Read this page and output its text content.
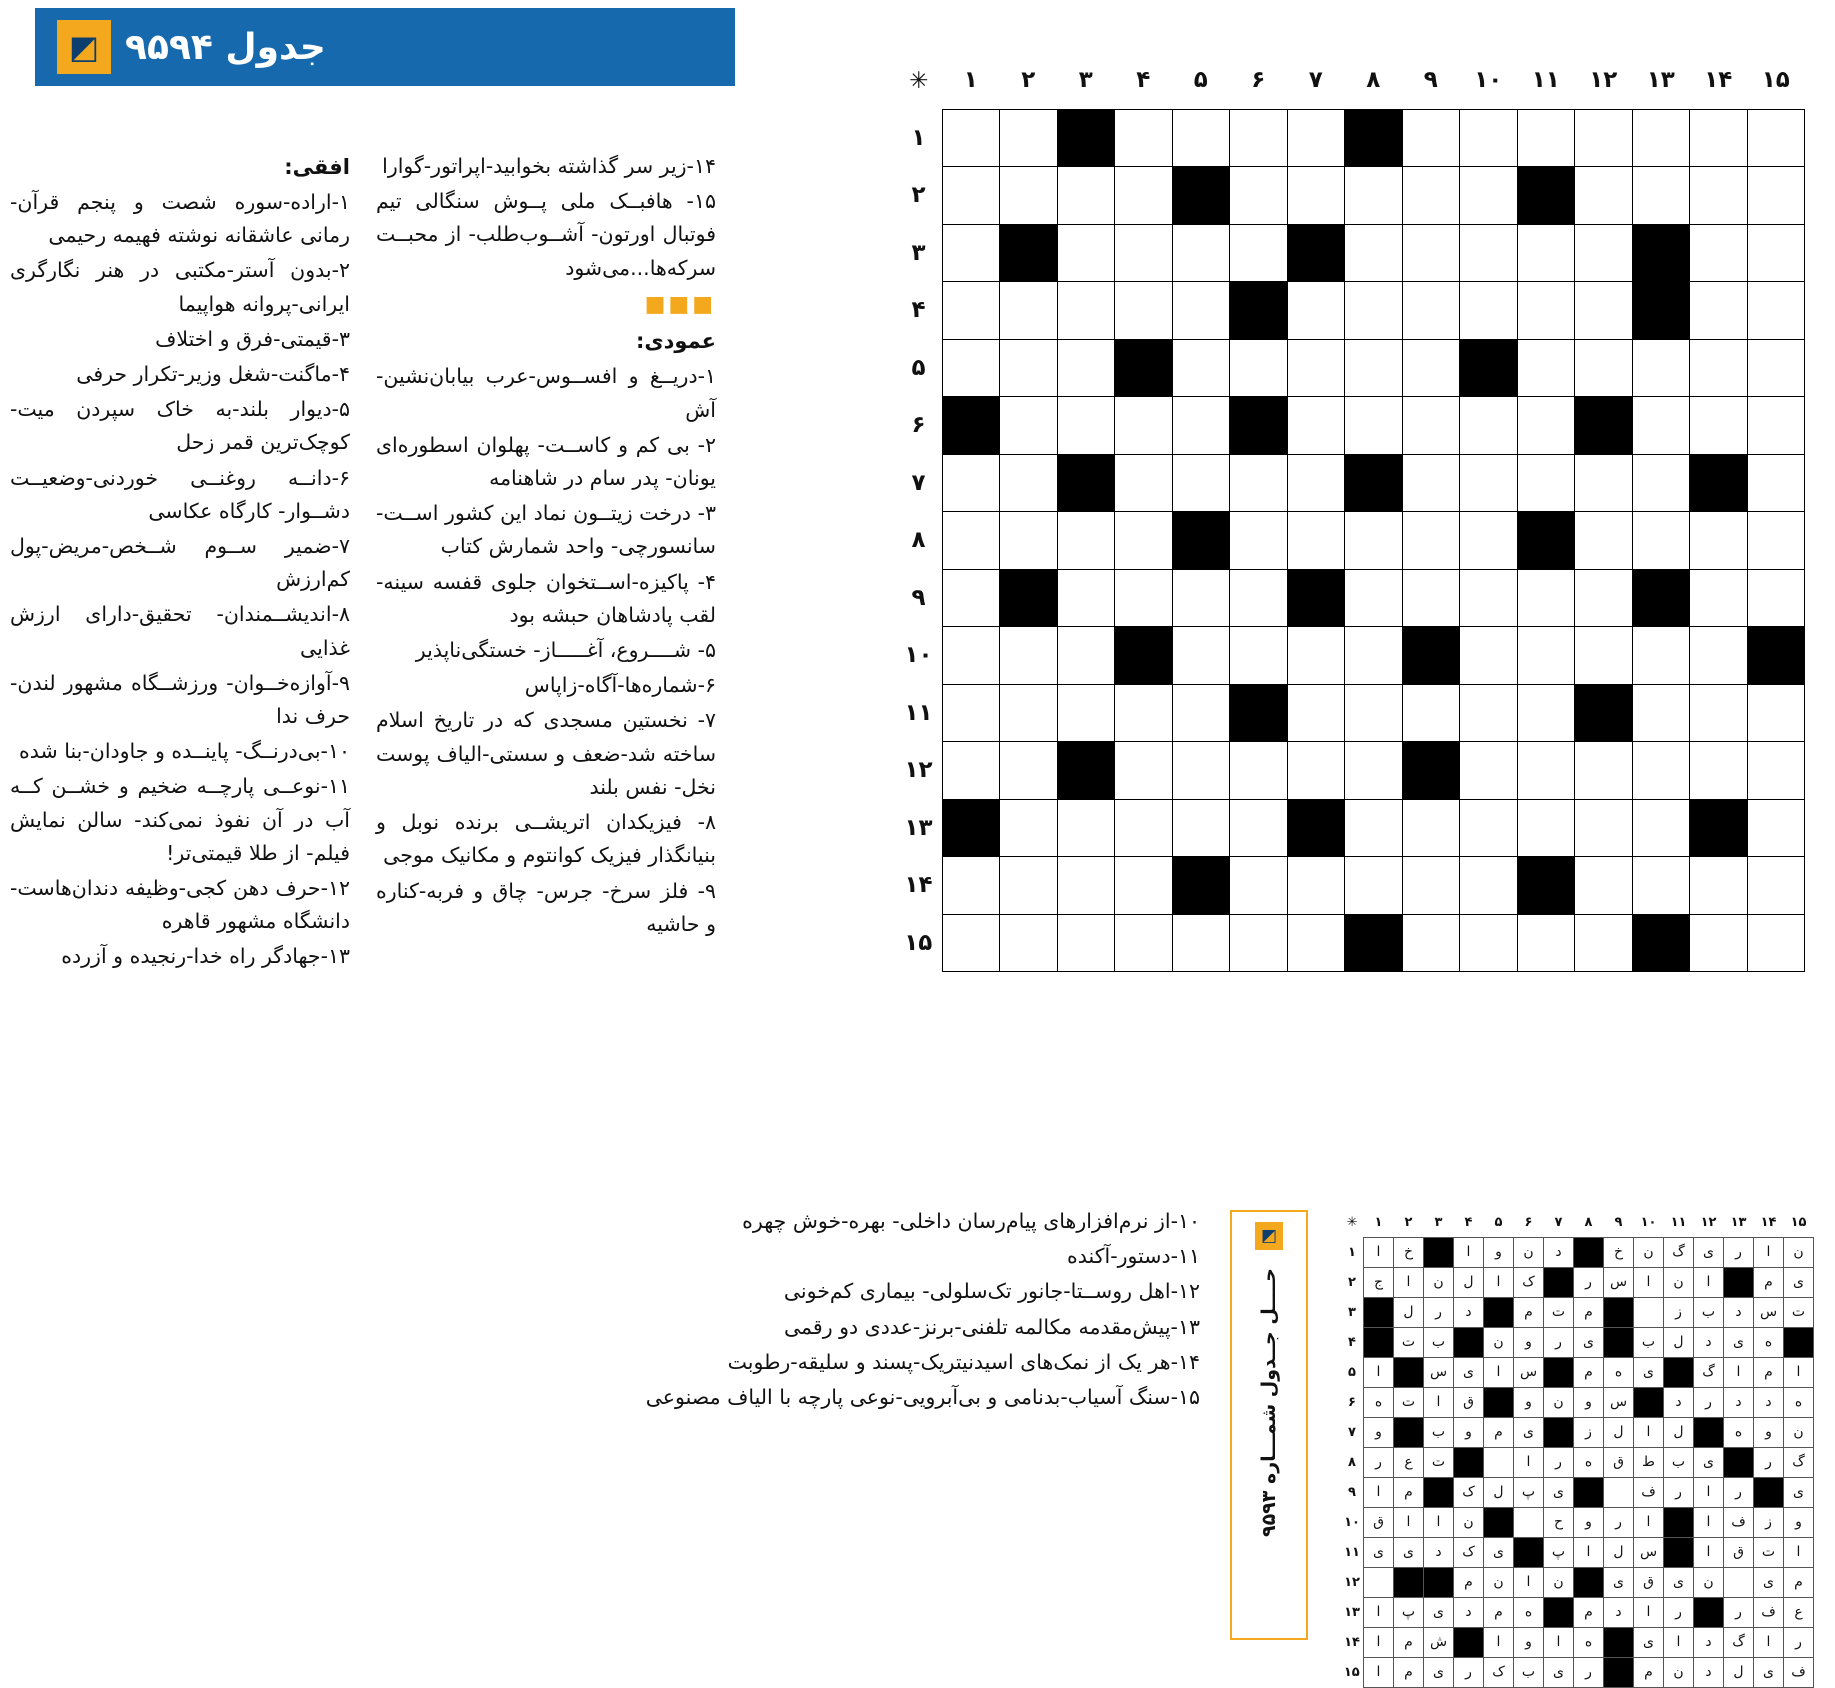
جدول ۹۵۹۴
◩

افقی:

۱-اراده-سوره شصت و پنجم قرآن- رمانی عاشقانه نوشته فهیمه رحیمی

۲-بدون آستر-مکتبی در هنر نگارگری ایرانی-پروانه هواپیما

۳-قیمتی-فرق و اختلاف

۴-ماگنت-شغل وزیر-تکرار حرفی

۵-دیوار بلند-به خاک سپردن میت-کوچک‌ترین قمر زحل

۶-دانــه روغنــی خوردنی-وضعیــت دشــوار- کارگاه عکاسی

۷-ضمیر ســوم شــخص-مریض-پول کم‌ارزش

۸-اندیشــمندان- تحقیق-دارای ارزش غذایی

۹-آوازه‌خــوان- ورزشــگاه مشهور لندن-حرف ندا

۱۰-بی‌درنــگ- پاینــده و جاودان-بنا شده

۱۱-نوعــی پارچــه ضخیم و خشــن کــه آب در آن نفوذ نمی‌کند- سالن نمایش فیلم- از طلا قیمتی‌تر!

۱۲-حرف دهن کجی-وظیفه دندان‌هاست-دانشگاه مشهور قاهره

۱۳-جهادگر راه خدا-رنجیده و آزرده

۱۴-زیر سر گذاشته بخوابید-اپراتور-گوارا

۱۵- هافبــک ملی پــوش سنگالی تیم فوتبال اورتون- آشــوب‌طلب- از محبــت سرکه‌ها...می‌شود

■■■

عمودی:

۱-دریــغ و افســوس-عرب بیابان‌نشین-آش

۲- بی کم و کاســت- پهلوان اسطوره‌ای یونان- پدر سام در شاهنامه

۳- درخت زیتــون نماد این کشور اســت- سانسورچی- واحد شمارش کتاب

۴- پاکیزه-اســتخوان جلوی قفسه سینه- لقب پادشاهان حبشه بود

۵- شــــروع، آغـــــاز- خستگی‌ناپذیر

۶-شماره‌ها-آگاه-زاپاس

۷- نخستین مسجدی که در تاریخ اسلام ساخته شد-ضعف و سستی-الیاف پوست نخل- نفس بلند

۸- فیزیکدان اتریشــی برنده نوبل و بنیانگذار فیزیک کوانتوم و مکانیک موجی

۹- فلز سرخ- جرس- چاق و فربه-کناره و حاشیه

۱۰-از نرم‌افزارهای پیام‌رسان داخلی- بهره-خوش چهره

۱۱-دستور-آکنده

۱۲-اهل روســتا-جانور تک‌سلولی- بیماری کم‌خونی

۱۳-پیش‌مقدمه مکالمه تلفنی-برنز-عددی دو رقمی

۱۴-هر یک از نمک‌های اسیدنیتریک-پسند و سلیقه-رطوبت

۱۵-سنگ آسیاب-بدنامی و بی‌آبرویی-نوعی پارچه با الیاف مصنوعی

۱۵	۱۴	۱۳	۱۲	۱۱	۱۰	۹	۸	۷	۶	۵	۴	۳	۲	۱	✳
															۱
															۲
															۳
															۴
															۵
															۶
															۷
															۸
															۹
															۱۰
															۱۱
															۱۲
															۱۳
															۱۴
															۱۵
◩
حــــل جــدول شمـــاره ۹۵۹۳
۱۵	۱۴	۱۳	۱۲	۱۱	۱۰	۹	۸	۷	۶	۵	۴	۳	۲	۱	✳
ن	ا	ر	ی	گ	ن	خ		د	ن	و	ا		خ	ا	۱
ی	م		ا	ن	ا	س	ر		ک	ا	ل	ن	ا	ج	۲
ت	س	د	ب	ز			م	ت	م		د	ر	ل		۳
	ه	ی	د	ل	ب		ی	ر	و	ن		ب	ت		۴
ا	م	ا	گ		ی	ه	م		س	ا	ی	س		ا	۵
ه	د	د	ر	د		س	و	ن	و		ق	ا	ت	ه	۶
ن	و	ه		ل	ا	ل	ز		ی	م	و	ب		و	۷
گ	ر		ی	ب	ط	ق	ه	ر	ا			ت	ع	ر	۸
ی		ر	ا	ر	ف			ی	پ	ل	ک		م	ا	۹
و	ز	ف	ا		ا	ر	و	ح			ن	ا	ا	ق	۱۰
ا	ت	ق	ا		س	ل	ا	پ		ی	ک	د	ی	ی	۱۱
م	ی		ن	ی	ق	ی		ن	ا	ن	م				۱۲
ع	ف	ر		ر	ا	د	م		ه	م	د	ی	پ	ا	۱۳
ر	ا	گ	د	ا	ی		ه	ا	و	ا		ش	م	ا	۱۴
ف	ی	ل	د	ن	م		ر	ی	ب	ک	ر	ی	م	ا	۱۵
